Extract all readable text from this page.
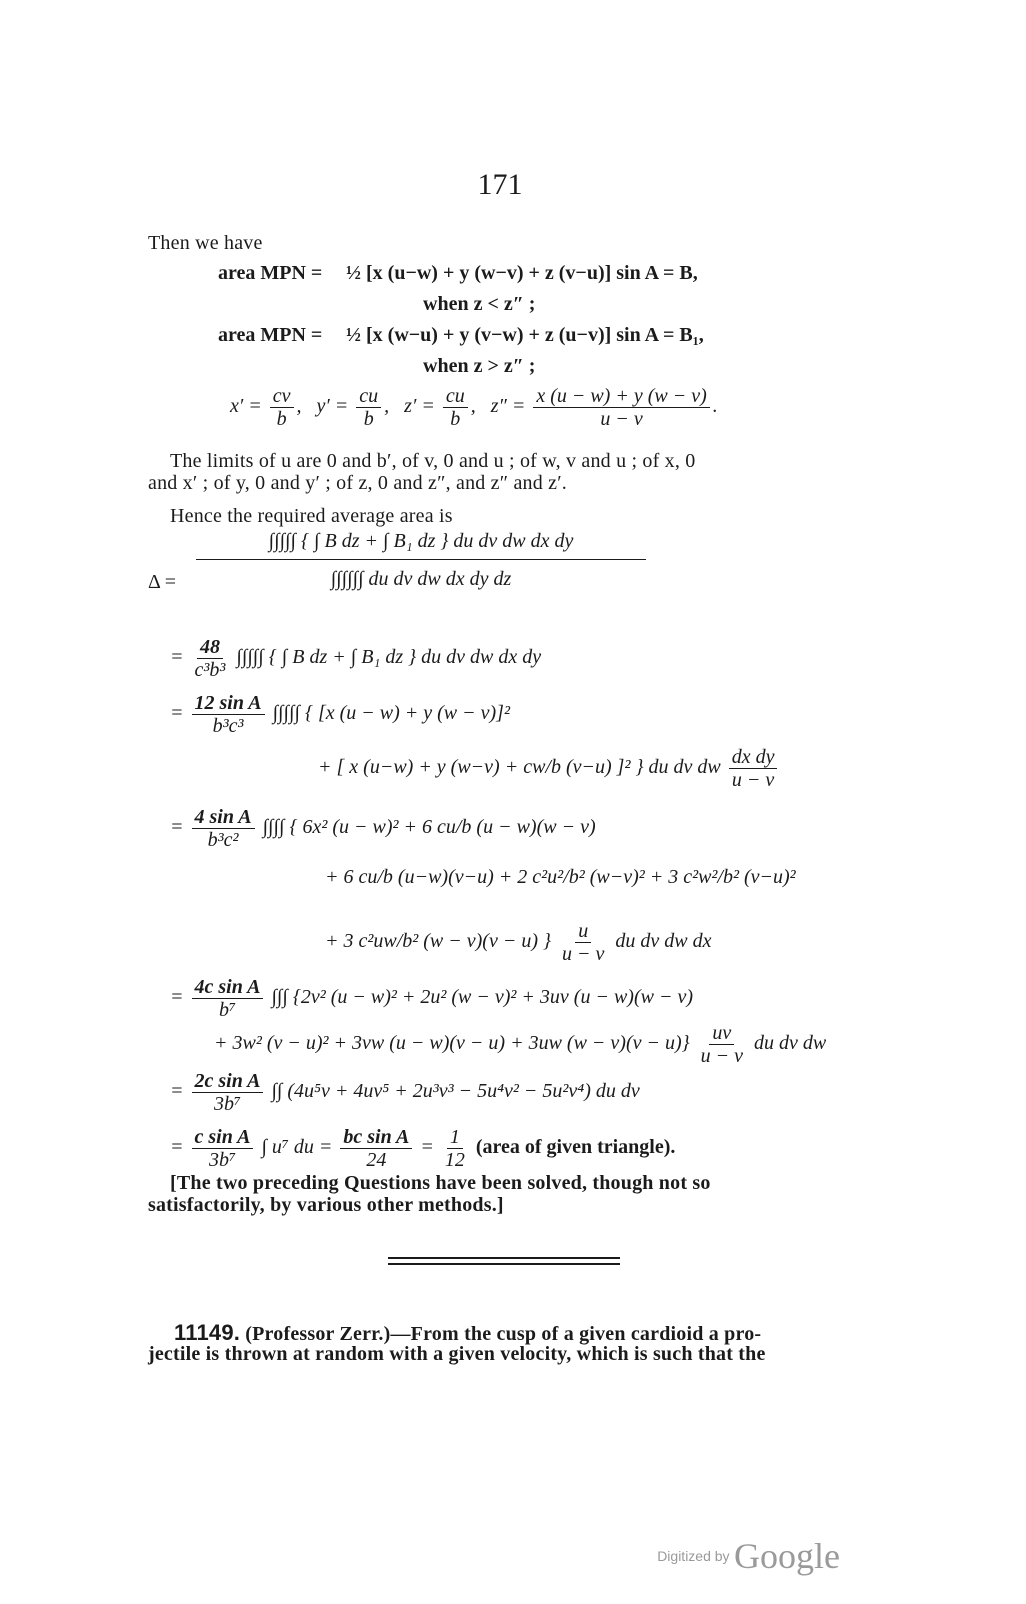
171
Then we have
area MPN = ½ [x (u−w) + y (w−v) + z (v−u)] sin A = B,
when z < z″ ;
area MPN = ½ [x (w−u) + y (v−w) + z (u−v)] sin A = B₁,
when z > z″ ;
$x' = \frac{cv}{b}$ ,   $y' = \frac{cu}{b}$ ,   $z' = \frac{cu}{b}$ ,   $z'' = \frac{x (u - w) + y (w - v)}{u - v}$ .
The limits of u are 0 and b′, of v, 0 and u ; of w, v and u ; of x, 0
and x′ ; of y, 0 and y′ ; of z, 0 and z″, and z″ and z′.
Hence the required average area is
$\Delta = \frac{\text{∫∫∫∫∫ \{ ∫ B dz + ∫ B₁ dz \} du dv dw dx dy}}{\text{∫∫∫∫∫∫ du dv dw dx dy dz}}$
= $\frac{48}{\text{c³b³}}$ ∫∫∫∫∫ { ∫ B dz + ∫ B₁ dz } du dv dw dx dy
= $\frac{\text{12 sin A}}{\text{b³c³}}$ ∫∫∫∫∫ { [x (u − w) + y (w − v)]²
+ [ x (u−w) + y (w−v) + cw/b (v−u) ]² } du dv dw $\frac{\text{dx dy}}{u - v}$
= $\frac{\text{4 sin A}}{\text{b³c²}}$ ∫∫∫∫ { 6x² (u − w)² + 6 cu/b (u − w)(w − v)
+ 6 cu/b (u−w)(v−u) + 2 c²u²/b² (w−v)² + 3 c²w²/b² (v−u)²
+ 3 c²uw/b² (w − v)(v − u) } $\frac{u}{u - v}$ du dv dw dx
= $\frac{\text{4c sin A}}{\text{b⁷}}$ ∫∫∫ {2v² (u − w)² + 2u² (w − v)² + 3uv (u − w)(w − v)
+ 3w² (v − u)² + 3vw (u − w)(v − u) + 3uw $(w - v)(v - u)\} \frac{uv}{u - v}$ du dv dw
= $\frac{\text{2c sin A}}{\text{3b⁷}}$ ∫∫ (4u⁵v + 4uv⁵ + 2u³v³ − 5u⁴v² − 5u²v⁴) du dv
= $\frac{\text{c sin A}}{\text{3b⁷}}$ ∫ u⁷ du = $\frac{\text{bc sin A}}{24} = \frac{1}{12}$ (area of given triangle).
[The two preceding Questions have been solved, though not so
satisfactorily, by various other methods.]
11149. (Professor Zerr.)—From the cusp of a given cardioid a pro-
jectile is thrown at random with a given velocity, which is such that the
Digitized by Google
